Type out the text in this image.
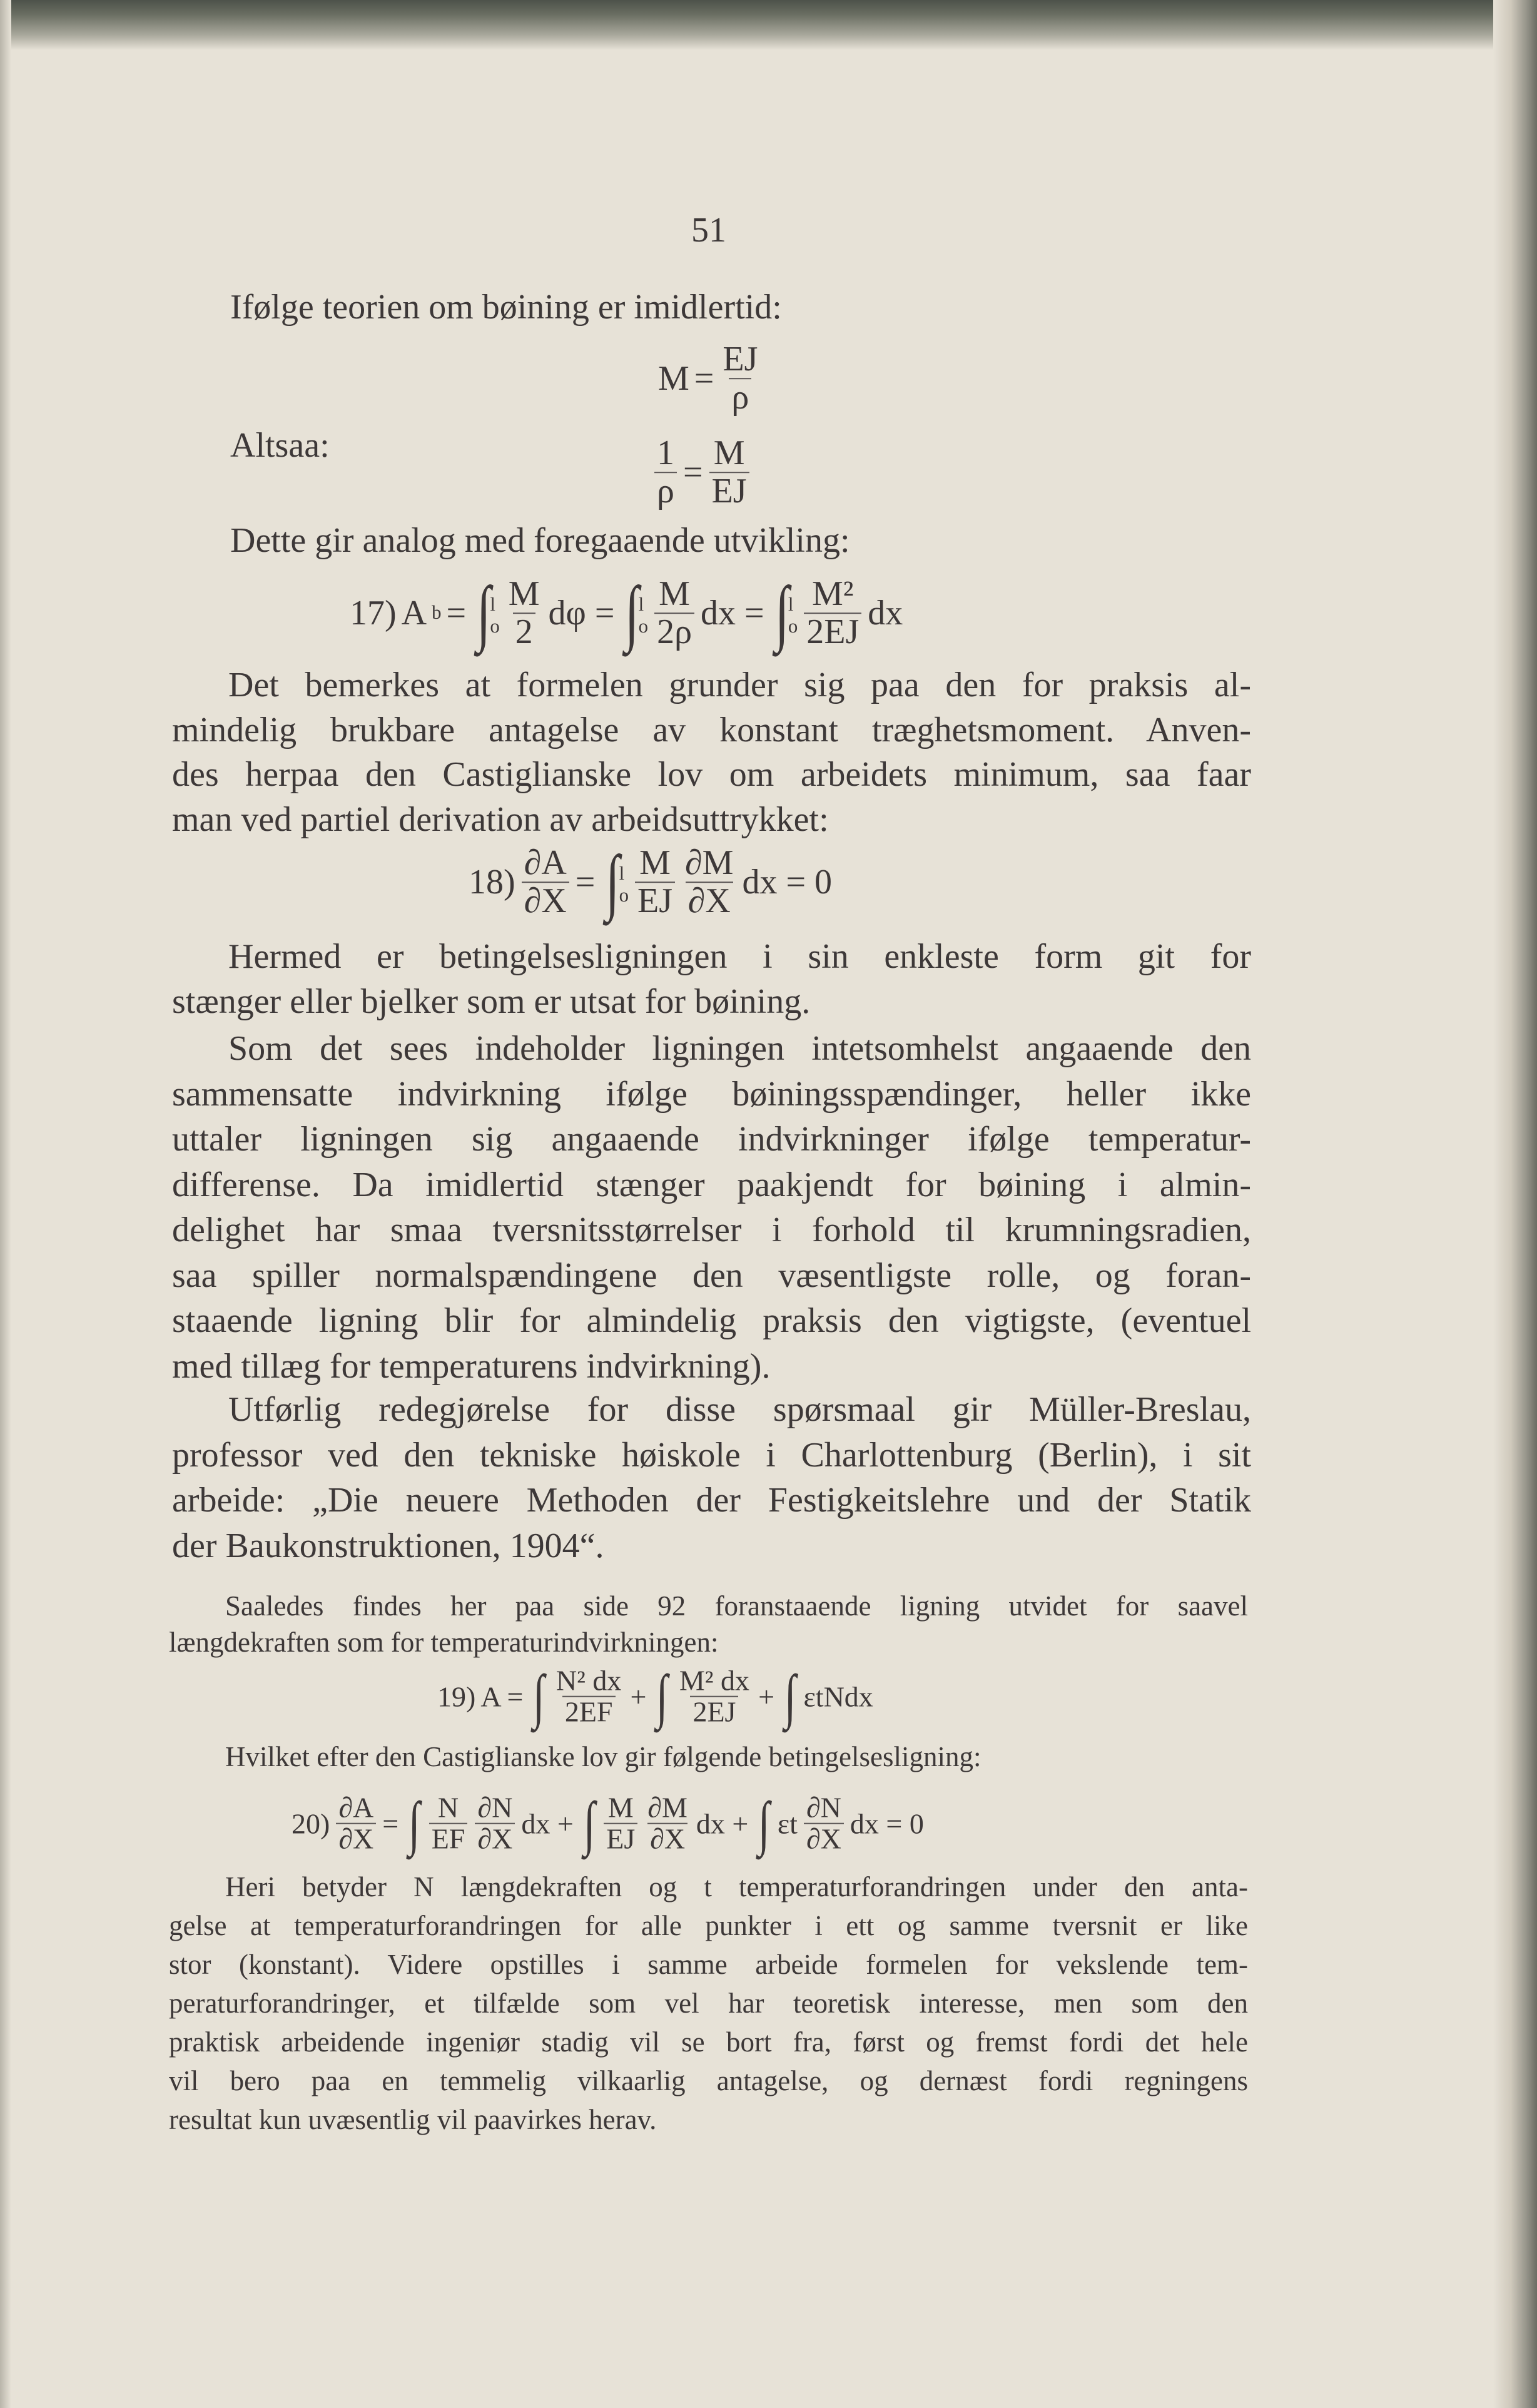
51
Ifølge teorien om bøining er imidlertid:
$M = \frac{EJ}{\rho}$
Altsaa:	$\frac{1}{\rho} = \frac{M}{EJ}$
Dette gir analog med foregaaende utvikling:
17) A b = ∫
l
o $\frac{M}{2}$ dφ = ∫
l
o $\frac{M}{2\rho}$ dx = ∫
l
o $\frac{\text{M²}}{2EJ}$ dx
Det bemerkes at formelen grunder sig paa den for praksis al-
mindelig brukbare antagelse av konstant træghetsmoment. Anven-
des herpaa den Castiglianske lov om arbeidets minimum, saa faar
man ved partiel derivation av arbeidsuttrykket:
$18) \frac{\partial A}{\partial X}$ = ∫
l
o $\frac{M}{EJ} \frac{\partial M}{\partial X}$ dx = 0
Hermed er betingelsesligningen i sin enkleste form git for
stænger eller bjelker som er utsat for bøining.
Som det sees indeholder ligningen intetsomhelst angaaende den
sammensatte indvirkning ifølge bøiningsspændinger, heller ikke
uttaler ligningen sig angaaende indvirkninger ifølge temperatur-
differense. Da imidlertid stænger paakjendt for bøining i almin-
delighet har smaa tversnitsstørrelser i forhold til krumningsradien,
saa spiller normalspændingene den væsentligste rolle, og foran-
staaende ligning blir for almindelig praksis den vigtigste, (eventuel
med tillæg for temperaturens indvirkning).
Utførlig redegjørelse for disse spørsmaal gir Müller-Breslau,
professor ved den tekniske høiskole i Charlottenburg (Berlin), i sit
arbeide: „Die neuere Methoden der Festigkeitslehre und der Statik
der Baukonstruktionen, 1904“.
Saaledes findes her paa side 92 foranstaaende ligning utvidet for saavel
længdekraften som for temperaturindvirkningen:
19) A = ∫ $\frac{\text{N² dx}}{2EF}$ + ∫ $\frac{\text{M² dx}}{2EJ}$ + ∫ εtNdx
Hvilket efter den Castiglianske lov gir følgende betingelsesligning:
$20) \frac{\partial A}{\partial X}$ = ∫ $\frac{N}{EF} \frac{\partial N}{\partial X}$ dx + ∫ $\frac{M}{EJ} \frac{\partial M}{\partial X}$ dx + ∫ εt $\frac{\partial N}{\partial X}$ dx = 0
Heri betyder N længdekraften og t temperaturforandringen under den anta-
gelse at temperaturforandringen for alle punkter i ett og samme tversnit er like
stor (konstant). Videre opstilles i samme arbeide formelen for vekslende tem-
peraturforandringer, et tilfælde som vel har teoretisk interesse, men som den
praktisk arbeidende ingeniør stadig vil se bort fra, først og fremst fordi det hele
vil bero paa en temmelig vilkaarlig antagelse, og dernæst fordi regningens
resultat kun uvæsentlig vil paavirkes herav.
